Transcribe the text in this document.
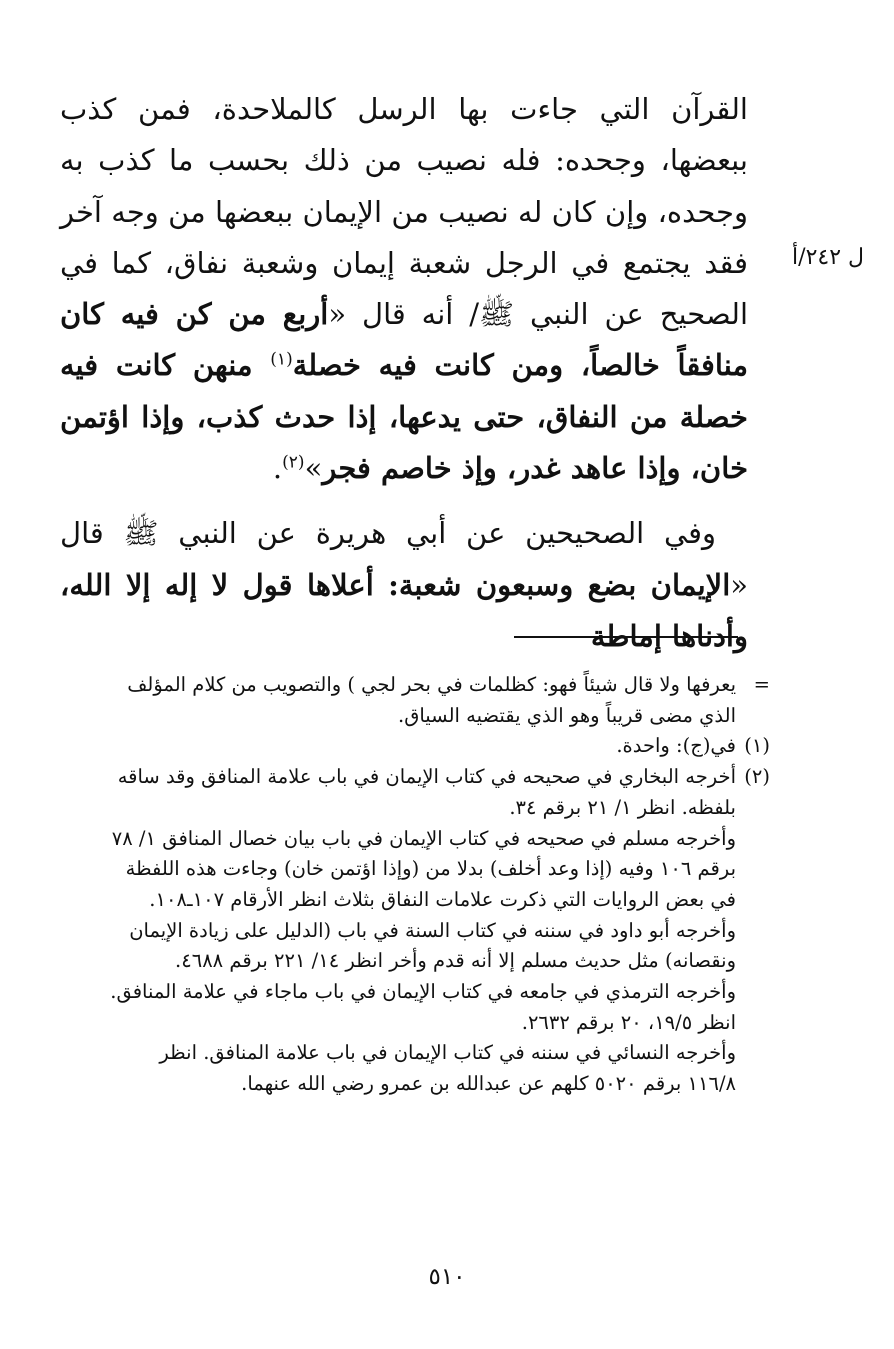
ل ٢٤٢/أ

القرآن التي جاءت بها الرسل كالملاحدة، فمن كذب ببعضها، وجحده: فله نصيب من ذلك بحسب ما كذب به وجحده، وإن كان له نصيب من الإيمان ببعضها من وجه آخر فقد يجتمع في الرجل شعبة إيمان وشعبة نفاق، كما في الصحيح عن النبي ﷺ/ أنه قال «أربع من كن فيه كان منافقاً خالصاً، ومن كانت فيه خصلة$^{(١)}$ منهن كانت فيه خصلة من النفاق، حتى يدعها، إذا حدث كذب، وإذا اؤتمن خان، وإذا عاهد غدر، وإذ خاصم فجر»$^{(٢)}$.

وفي الصحيحين عن أبي هريرة عن النبي ﷺ قال «الإيمان بضع وسبعون شعبة: أعلاها قول لا إله إلا الله، وأدناها إماطة

=
يعرفها ولا قال شيئاً فهو: كظلمات في بحر لجي ) والتصويب من كلام المؤلف
الذي مضى قريباً وهو الذي يقتضيه السياق.
(١)
في(ج): واحدة.
(٢)
أخرجه البخاري في صحيحه في كتاب الإيمان في باب علامة المنافق وقد ساقه
بلفظه. انظر ١/ ٢١ برقم ٣٤.
وأخرجه مسلم في صحيحه في كتاب الإيمان في باب بيان خصال المنافق ١/ ٧٨
برقم ١٠٦ وفيه (إذا وعد أخلف) بدلا من (وإذا اؤتمن خان) وجاءت هذه اللفظة
في بعض الروايات التي ذكرت علامات النفاق بثلاث انظر الأرقام ١٠٧ـ١٠٨.
وأخرجه أبو داود في سننه في كتاب السنة في باب (الدليل على زيادة الإيمان
ونقصانه) مثل حديث مسلم إلا أنه قدم وأخر انظر ١٤/ ٢٢١ برقم ٤٦٨٨.
وأخرجه الترمذي في جامعه في كتاب الإيمان في باب ماجاء في علامة المنافق.
انظر ١٩/٥، ٢٠ برقم ٢٦٣٢.
وأخرجه النسائي في سننه في كتاب الإيمان في باب علامة المنافق. انظر
١١٦/٨ برقم ٥٠٢٠ كلهم عن عبدالله بن عمرو رضي الله عنهما.
٥١٠
